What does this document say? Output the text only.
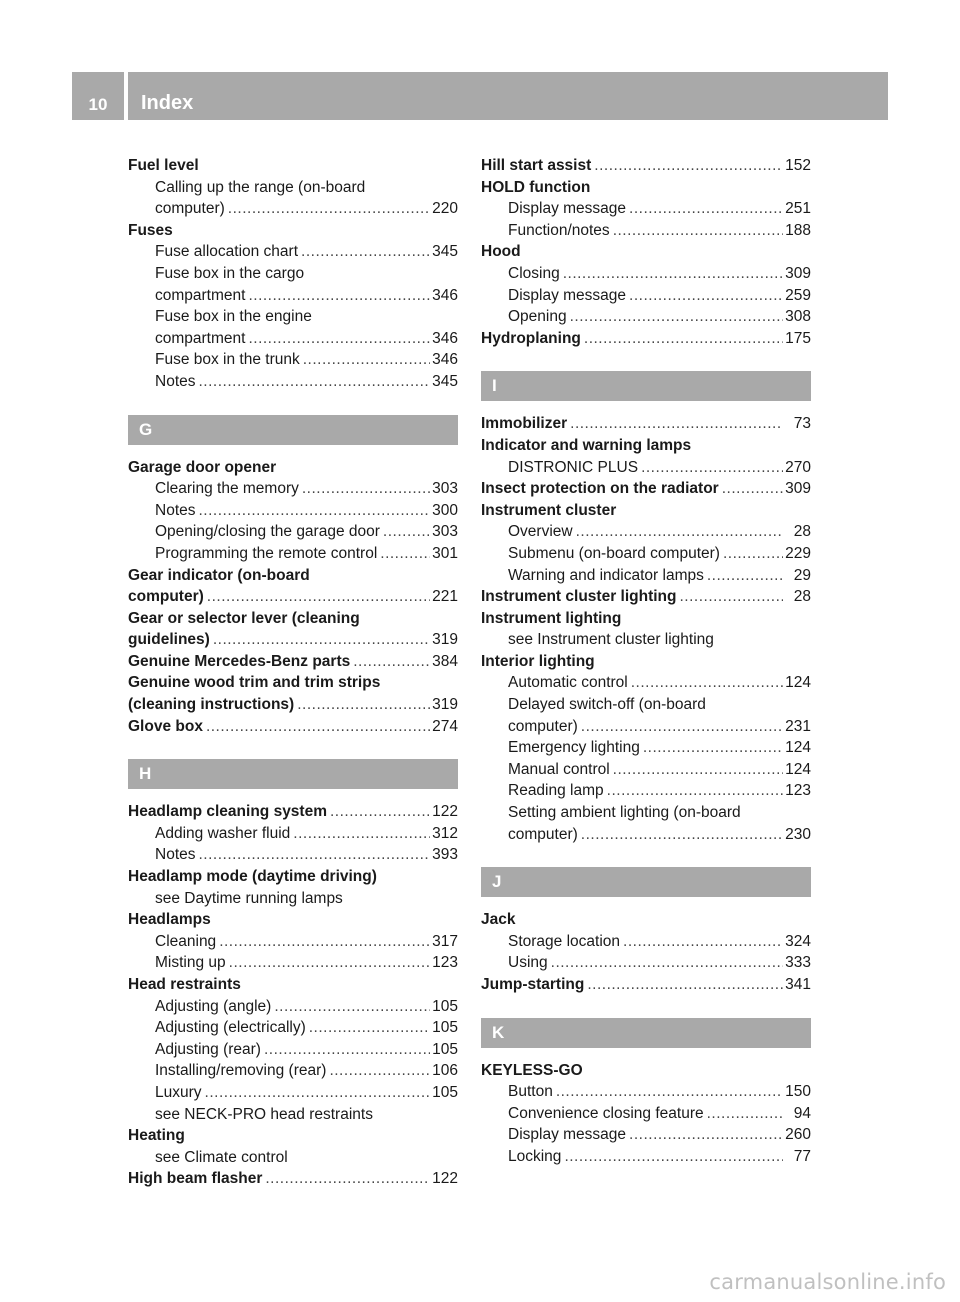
10	Index
Fuel level
Calling up the range (on-board
computer) .....	220
Fuses
Fuse allocation chart .....	345
Fuse box in the cargo
compartment .....	346
Fuse box in the engine
compartment .....	346
Fuse box in the trunk .....	346
Notes .....	345
G
Garage door opener
Clearing the memory .....	303
Notes .....	300
Opening/closing the garage door .....	303
Programming the remote control .....	301
Gear indicator (on-board
computer) .....	221
Gear or selector lever (cleaning
guidelines) .....	319
Genuine Mercedes-Benz parts .....	384
Genuine wood trim and trim strips
(cleaning instructions) .....	319
Glove box .....	274
H
Headlamp cleaning system .....	122
Adding washer fluid .....	312
Notes .....	393
Headlamp mode (daytime driving)
see Daytime running lamps
Headlamps
Cleaning .....	317
Misting up .....	123
Head restraints
Adjusting (angle) .....	105
Adjusting (electrically) .....	105
Adjusting (rear) .....	105
Installing/removing (rear) .....	106
Luxury .....	105
see NECK-PRO head restraints
Heating
see Climate control
High beam flasher .....	122
Hill start assist .....	152
HOLD function
Display message .....	251
Function/notes .....	188
Hood
Closing .....	309
Display message .....	259
Opening .....	308
Hydroplaning .....	175
I
Immobilizer .....	73
Indicator and warning lamps
DISTRONIC PLUS .....	270
Insect protection on the radiator .....	309
Instrument cluster
Overview .....	28
Submenu (on-board computer) .....	229
Warning and indicator lamps .....	29
Instrument cluster lighting .....	28
Instrument lighting
see Instrument cluster lighting
Interior lighting
Automatic control .....	124
Delayed switch-off (on-board
computer) .....	231
Emergency lighting .....	124
Manual control .....	124
Reading lamp .....	123
Setting ambient lighting (on-board
computer) .....	230
J
Jack
Storage location .....	324
Using .....	333
Jump-starting .....	341
K
KEYLESS-GO
Button .....	150
Convenience closing feature .....	94
Display message .....	260
Locking .....	77
carmanualsonline.info
